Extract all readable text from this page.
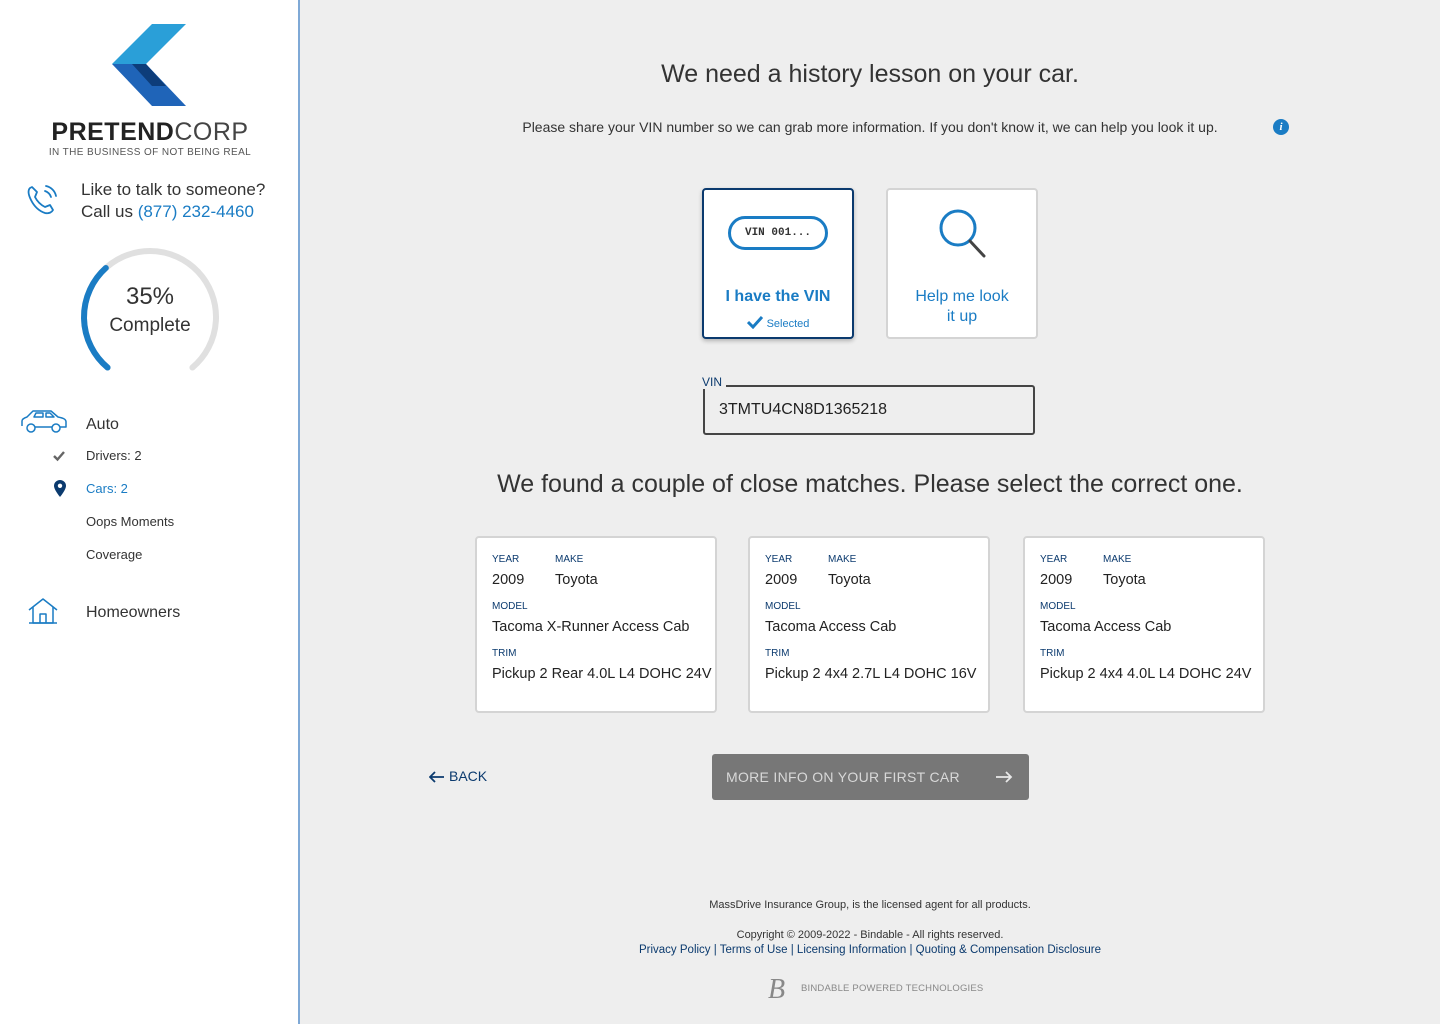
PRETENDCORP
IN THE BUSINESS OF NOT BEING REAL
Like to talk to someone?
Call us (877) 232-4460
35%
Complete
Auto
Drivers: 2
Cars: 2
Oops Moments
Coverage
Homeowners
We need a history lesson on your car.
Please share your VIN number so we can grab more information. If you don't know it, we can help you look it up.	i
VIN 001...
I have the VIN
Selected
Help me look
it up
VIN
3TMTU4CN8D1365218
We found a couple of close matches. Please select the correct one.
YEAR	MAKE
2009 Toyota
MODEL
Tacoma X-Runner Access Cab
TRIM
Pickup 2 Rear 4.0L L4 DOHC 24V
YEAR	MAKE
2009 Toyota
MODEL
Tacoma Access Cab
TRIM
Pickup 2 4x4 2.7L L4 DOHC 16V
YEAR	MAKE
2009 Toyota
MODEL
Tacoma Access Cab
TRIM
Pickup 2 4x4 4.0L L4 DOHC 24V
BACK	MORE INFO ON YOUR FIRST CAR
MassDrive Insurance Group, is the licensed agent for all products.
Copyright © 2009-2022 - Bindable - All rights reserved.
Privacy Policy | Terms of Use | Licensing Information | Quoting & Compensation Disclosure
B BINDABLE POWERED TECHNOLOGIES
